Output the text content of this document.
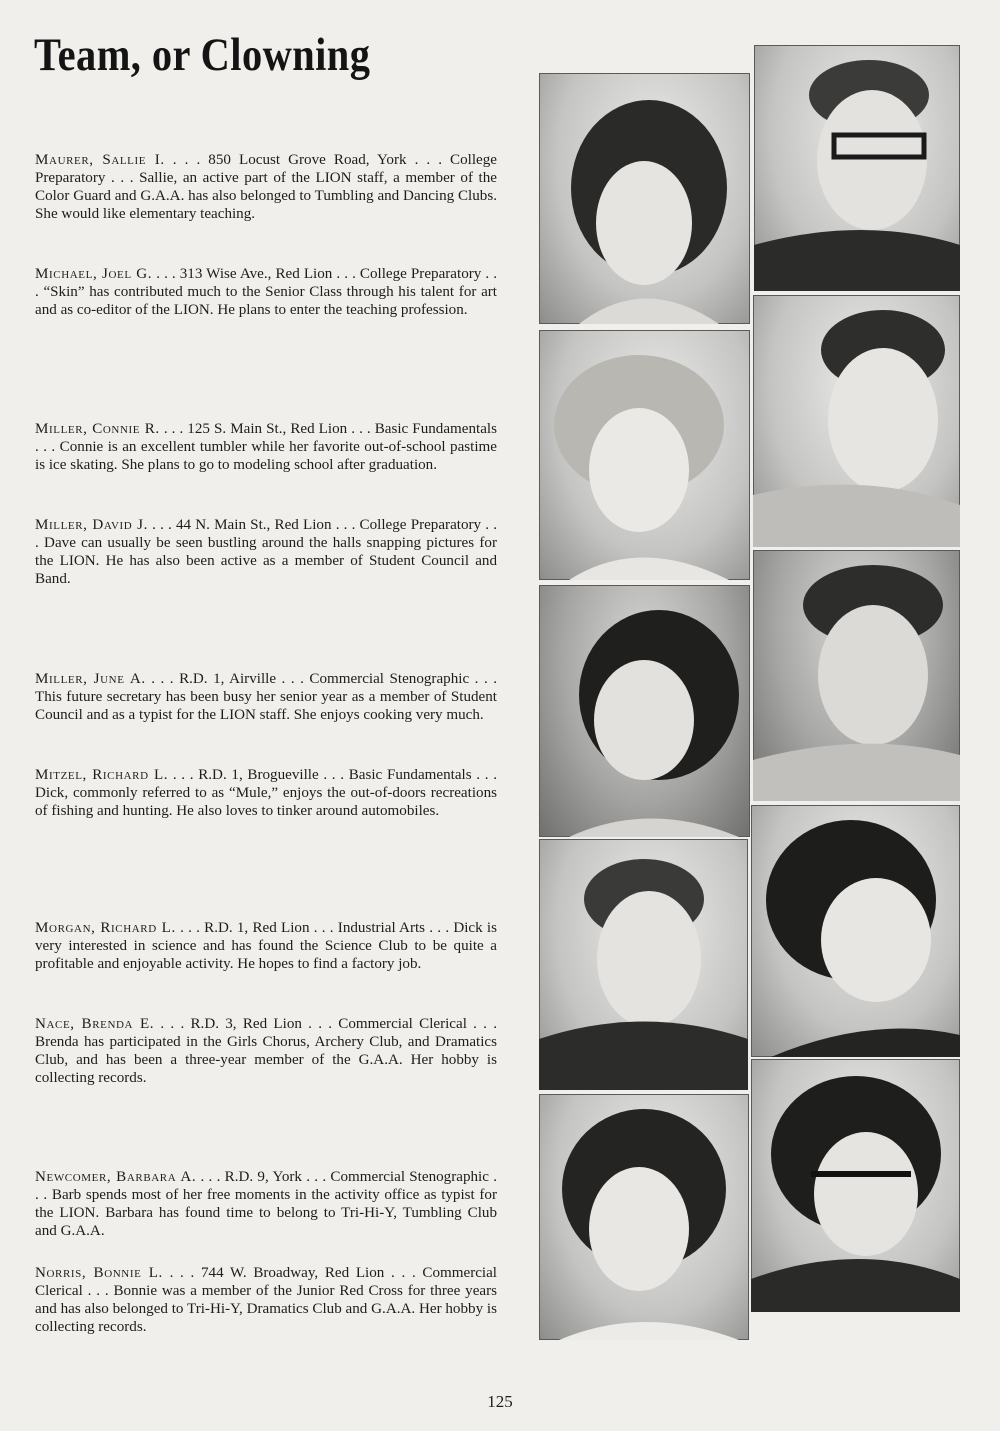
Team, or Clowning

Maurer, Sallie I. . . . 850 Locust Grove Road, York . . . College Preparatory . . . Sallie, an active part of the LION staff, a member of the Color Guard and G.A.A. has also belonged to Tumbling and Dancing Clubs. She would like elementary teaching.

Michael, Joel G. . . . 313 Wise Ave., Red Lion . . . College Preparatory . . . “Skin” has contributed much to the Senior Class through his talent for art and as co-editor of the LION. He plans to enter the teaching profession.

Miller, Connie R. . . . 125 S. Main St., Red Lion . . . Basic Fundamentals . . . Connie is an excellent tumbler while her favorite out-of-school pastime is ice skating. She plans to go to modeling school after graduation.

Miller, David J. . . . 44 N. Main St., Red Lion . . . College Preparatory . . . Dave can usually be seen bustling around the halls snapping pictures for the LION. He has also been active as a member of Student Council and Band.

Miller, June A. . . . R.D. 1, Airville . . . Commercial Stenographic . . . This future secretary has been busy her senior year as a member of Student Council and as a typist for the LION staff. She enjoys cooking very much.

Mitzel, Richard L. . . . R.D. 1, Brogueville . . . Basic Fundamentals . . . Dick, commonly referred to as “Mule,” enjoys the out-of-doors recreations of fishing and hunting. He also loves to tinker around automobiles.

Morgan, Richard L. . . . R.D. 1, Red Lion . . . Industrial Arts . . . Dick is very interested in science and has found the Science Club to be quite a profitable and enjoyable activity. He hopes to find a factory job.

Nace, Brenda E. . . . R.D. 3, Red Lion . . . Commercial Clerical . . . Brenda has participated in the Girls Chorus, Archery Club, and Dramatics Club, and has been a three-year member of the G.A.A. Her hobby is collecting records.

Newcomer, Barbara A. . . . R.D. 9, York . . . Commercial Stenographic . . . Barb spends most of her free moments in the activity office as typist for the LION. Barbara has found time to belong to Tri-Hi-Y, Tumbling Club and G.A.A.

Norris, Bonnie L. . . . 744 W. Broadway, Red Lion . . . Commercial Clerical . . . Bonnie was a member of the Junior Red Cross for three years and has also belonged to Tri-Hi-Y, Dramatics Club and G.A.A. Her hobby is collecting records.

125
